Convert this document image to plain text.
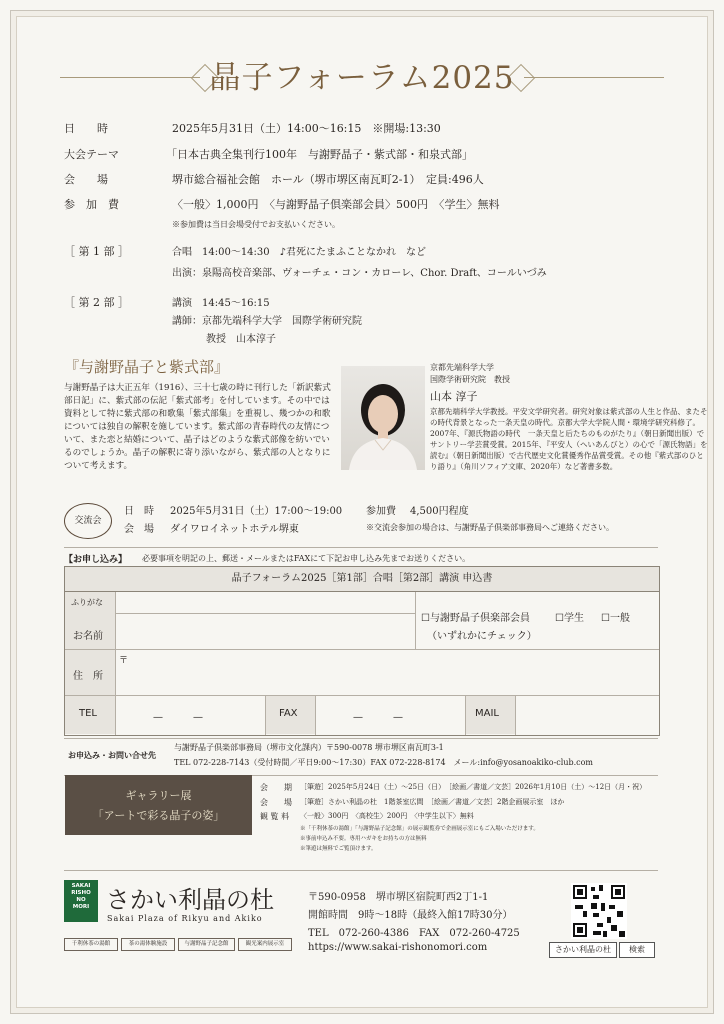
晶子フォーラム2025
日　　時	2025年5月31日（土）14:00〜16:15　※開場:13:30
大会テーマ	「日本古典全集刊行100年　与謝野晶子・紫式部・和泉式部」
会　　場	堺市総合福祉会館　ホール（堺市堺区南瓦町2-1）　定員:496人
参　加　費	〈一般〉1,000円　〈与謝野晶子倶楽部会員〉500円　〈学生〉無料
※参加費は当日会場受付でお支払いください。
［ 第 1 部 ］	合唱　14:00〜14:30　♪君死にたまふことなかれ　など
出演：泉陽高校音楽部、ヴォーチェ・コン・カローレ、Chor. Draft、コールいづみ
［ 第 2 部 ］	講演　14:45〜16:15
講師：京都先端科学大学　国際学術研究院
教授　山本淳子
『与謝野晶子と紫式部』
与謝野晶子は大正五年（1916）、三十七歳の時に刊行した「新訳紫式部日記」に、紫式部の伝記「紫式部考」を付しています。その中では資料として特に紫式部の和歌集「紫式部集」を重視し、幾つかの和歌については独自の解釈を施しています。紫式部の青春時代の友情について、また恋と結婚について、晶子はどのような紫式部像を紡いでいるのでしょうか。晶子の解釈に寄り添いながら、紫式部の人となりについて考えます。
京都先端科学大学
国際学術研究院　教授
山本 淳子
京都先端科学大学教授。平安文学研究者。研究対象は紫式部の人生と作品、またその時代背景となった一条天皇の時代。京都大学大学院人間・環境学研究科修了。2007年、『源氏物語の時代　一条天皇と后たちのものがたり』（朝日新聞出版）でサントリー学芸賞受賞。2015年、『平安人（へいあんびと）の心で「源氏物語」を読む』（朝日新聞出版）で古代歴史文化賞優秀作品賞受賞。その他『紫式部のひとり語り』（角川ソフィア文庫、2020年）など著書多数。
交流会
日　時 2025年5月31日（土）17:00〜19:00 参加費 4,500円程度
会　場 ダイワロイネットホテル堺東	※交流会参加の場合は、与謝野晶子倶楽部事務局へご連絡ください。
【お申し込み】 必要事項を明記の上、郵送・メールまたはFAXにて下記お申し込み先までお送りください。
晶子フォーラム2025［第1部］合唱［第2部］講演 申込書
ふりがな
お名前
☐与謝野晶子倶楽部会員	☐学生 ☐一般
（いずれかにチェック）
住　所
〒
TEL	—　　　—	FAX	—　　　—	MAIL
お申込み・お問い合せ先
与謝野晶子倶楽部事務局（堺市文化課内）〒590-0078 堺市堺区南瓦町3-1
TEL 072-228-7143（受付時間／平日9:00〜17:30）FAX 072-228-8174　メール:info@yosanoakiko-club.com
ギャラリー展
「アートで彩る晶子の姿」
会　　期 ［筆遊］2025年5月24日（土）〜25日（日）　［絵画／書道／文芸］2026年1月10日（土）〜12日（月・祝）
会　　場 ［筆遊］さかい利晶の杜　1階茶室広間　［絵画／書道／文芸］2階企画展示室　ほか
観 覧 料 〈一般〉300円　〈高校生〉200円　〈中学生以下〉無料
※「千利休茶の湯館」「与謝野晶子記念館」の展示観覧券で企画展示室にもご入場いただけます。
※事前申込み不要。専用ハガキをお持ちの方は無料
※筆遊は無料でご覧頂けます。
SAKAI
RISHO
NO
MORI さかい利晶の杜
Sakai Plaza of Rikyu and Akiko
千利休茶の湯館	茶の湯体験施設	与謝野晶子記念館	観光案内展示室
〒590-0958　堺市堺区宿院町西2丁1-1
開館時間　9時〜18時（最終入館17時30分）
TEL　072-260-4386　FAX　072-260-4725
https://www.sakai-rishonomori.com	さかい利晶の杜	検索
